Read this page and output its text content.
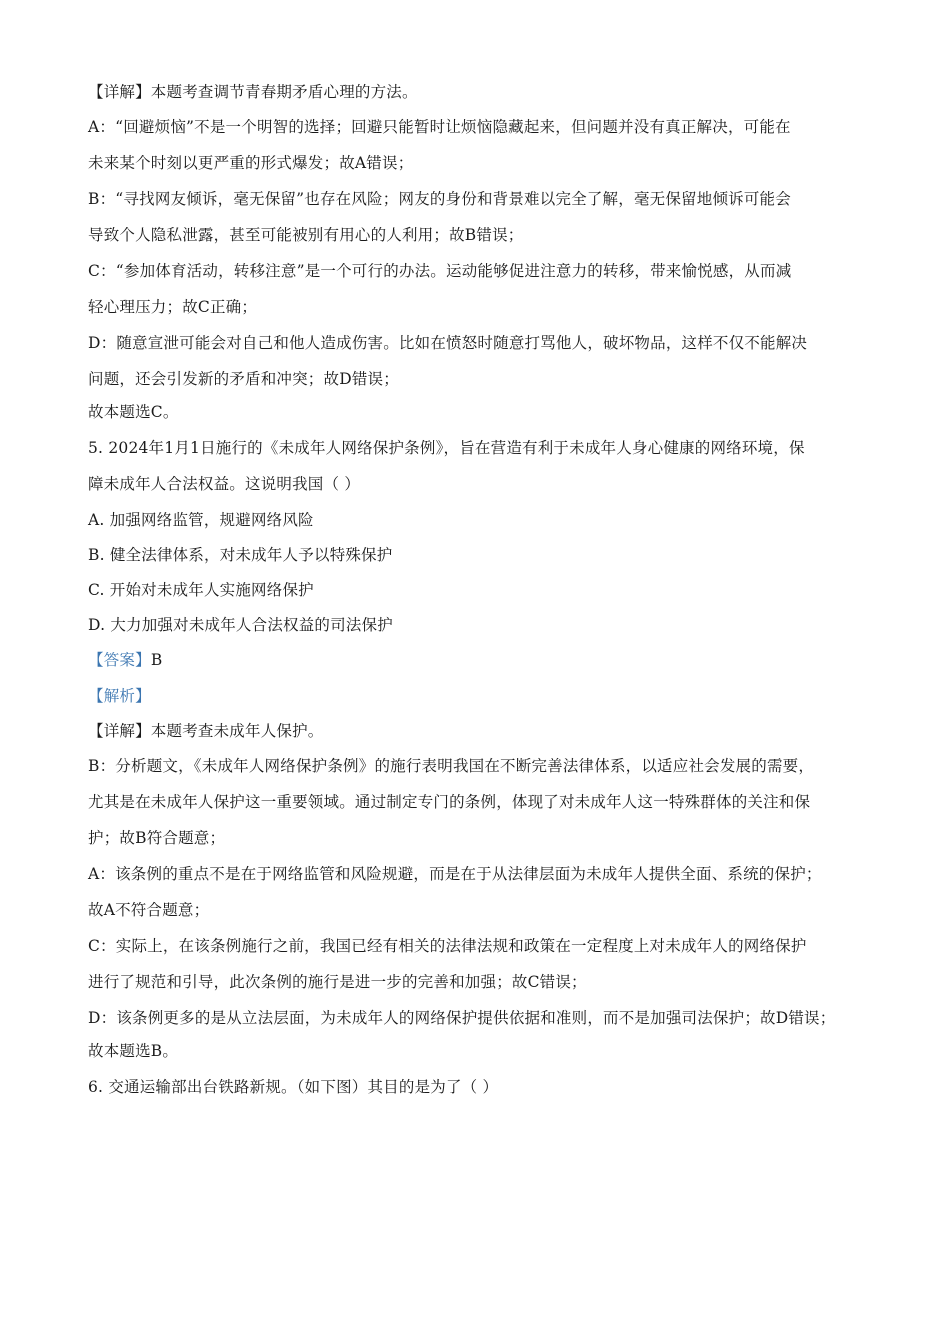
【详解】本题考查调节青春期矛盾心理的方法。
A：“回避烦恼”不是一个明智的选择；回避只能暂时让烦恼隐藏起来，但问题并没有真正解决，可能在
未来某个时刻以更严重的形式爆发；故A错误；
B：“寻找网友倾诉，毫无保留”也存在风险；网友的身份和背景难以完全了解，毫无保留地倾诉可能会
导致个人隐私泄露，甚至可能被别有用心的人利用；故B错误；
C：“参加体育活动，转移注意”是一个可行的办法。运动能够促进注意力的转移，带来愉悦感，从而减
轻心理压力；故C正确；
D：随意宣泄可能会对自己和他人造成伤害。比如在愤怒时随意打骂他人，破坏物品，这样不仅不能解决
问题，还会引发新的矛盾和冲突；故D错误；
故本题选C。
5. 2024年1月1日施行的《未成年人网络保护条例》，旨在营造有利于未成年人身心健康的网络环境，保
障未成年人合法权益。这说明我国（ ）
A. 加强网络监管，规避网络风险
B. 健全法律体系，对未成年人予以特殊保护
C. 开始对未成年人实施网络保护
D. 大力加强对未成年人合法权益的司法保护
【答案】B
【解析】
【详解】本题考查未成年人保护。
B：分析题文，《未成年人网络保护条例》的施行表明我国在不断完善法律体系，以适应社会发展的需要，
尤其是在未成年人保护这一重要领域。通过制定专门的条例，体现了对未成年人这一特殊群体的关注和保
护；故B符合题意；
A：该条例的重点不是在于网络监管和风险规避，而是在于从法律层面为未成年人提供全面、系统的保护；
故A不符合题意；
C：实际上，在该条例施行之前，我国已经有相关的法律法规和政策在一定程度上对未成年人的网络保护
进行了规范和引导，此次条例的施行是进一步的完善和加强；故C错误；
D：该条例更多的是从立法层面，为未成年人的网络保护提供依据和准则，而不是加强司法保护；故D错误；
故本题选B。
6. 交通运输部出台铁路新规。（如下图）其目的是为了（ ）
